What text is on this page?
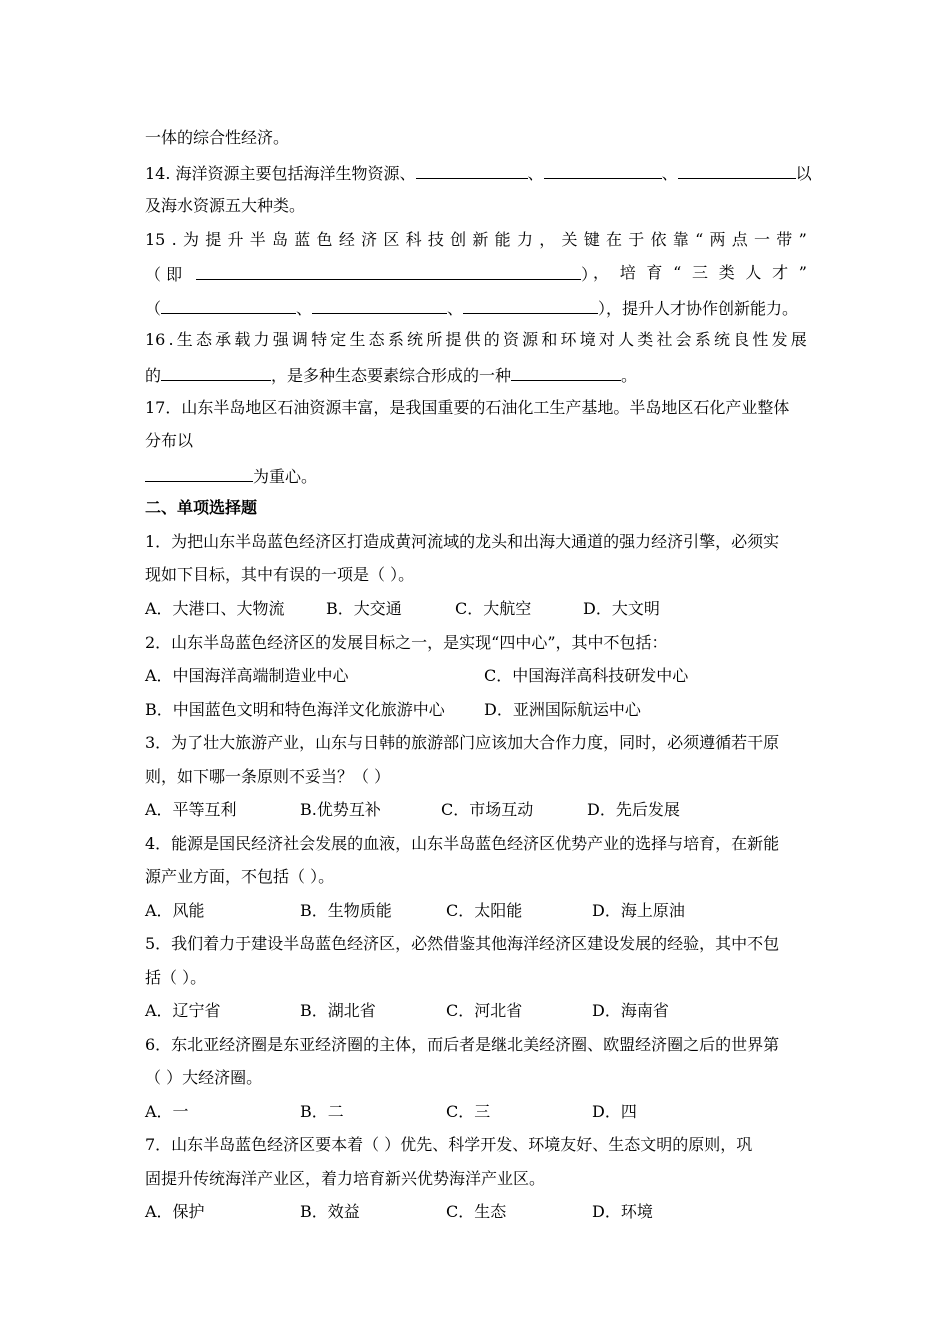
一体的综合性经济。
14. 海洋资源主要包括海洋生物资源、	、	、	以
及海水资源五大种类。
15 . 为 提 升 半 岛 蓝 色 经 济 区 科 技 创 新 能 力 ， 关 键 在 于 依 靠 “ 两 点 一 带 ”
（ 即	）
， 培 育 “ 三 类 人 才 ”
（	、	、	），提升人才协作创新能力。
16 . 生 态 承 载 力 强 调 特 定 生 态 系 统 所 提 供 的 资 源 和 环 境 对 人 类 社 会 系 统 良 性 发 展
的	，是多种生态要素综合形成的一种	。
17．山东半岛地区石油资源丰富，是我国重要的石油化工生产基地。半岛地区石化产业整体
分布以
为重心。
二、单项选择题
1．为把山东半岛蓝色经济区打造成黄河流域的龙头和出海大通道的强力经济引擎，必须实
现如下目标，其中有误的一项是（ ）。
A．大港口、大物流	B．大交通	C．大航空	D．大文明
2．山东半岛蓝色经济区的发展目标之一，是实现“四中心”，其中不包括：
A．中国海洋高端制造业中心	C．中国海洋高科技研发中心
B．中国蓝色文明和特色海洋文化旅游中心 D．亚洲国际航运中心
3．为了壮大旅游产业，山东与日韩的旅游部门应该加大合作力度，同时，必须遵循若干原
则，如下哪一条原则不妥当？（ ）
A．平等互利	B.优势互补	C．市场互动	D．先后发展
4．能源是国民经济社会发展的血液，山东半岛蓝色经济区优势产业的选择与培育，在新能
源产业方面，不包括（ ）。
A．风能	B．生物质能	C．太阳能	D．海上原油
5．我们着力于建设半岛蓝色经济区，必然借鉴其他海洋经济区建设发展的经验，其中不包
括（ ）。
A．辽宁省	B．湖北省	C．河北省	D．海南省
6．东北亚经济圈是东亚经济圈的主体，而后者是继北美经济圈、欧盟经济圈之后的世界第
（ ）大经济圈。
A．一	B．二	C．三	D．四
7．山东半岛蓝色经济区要本着（ ）优先、科学开发、环境友好、生态文明的原则，巩
固提升传统海洋产业区，着力培育新兴优势海洋产业区。
A．保护	B．效益	C．生态	D．环境
